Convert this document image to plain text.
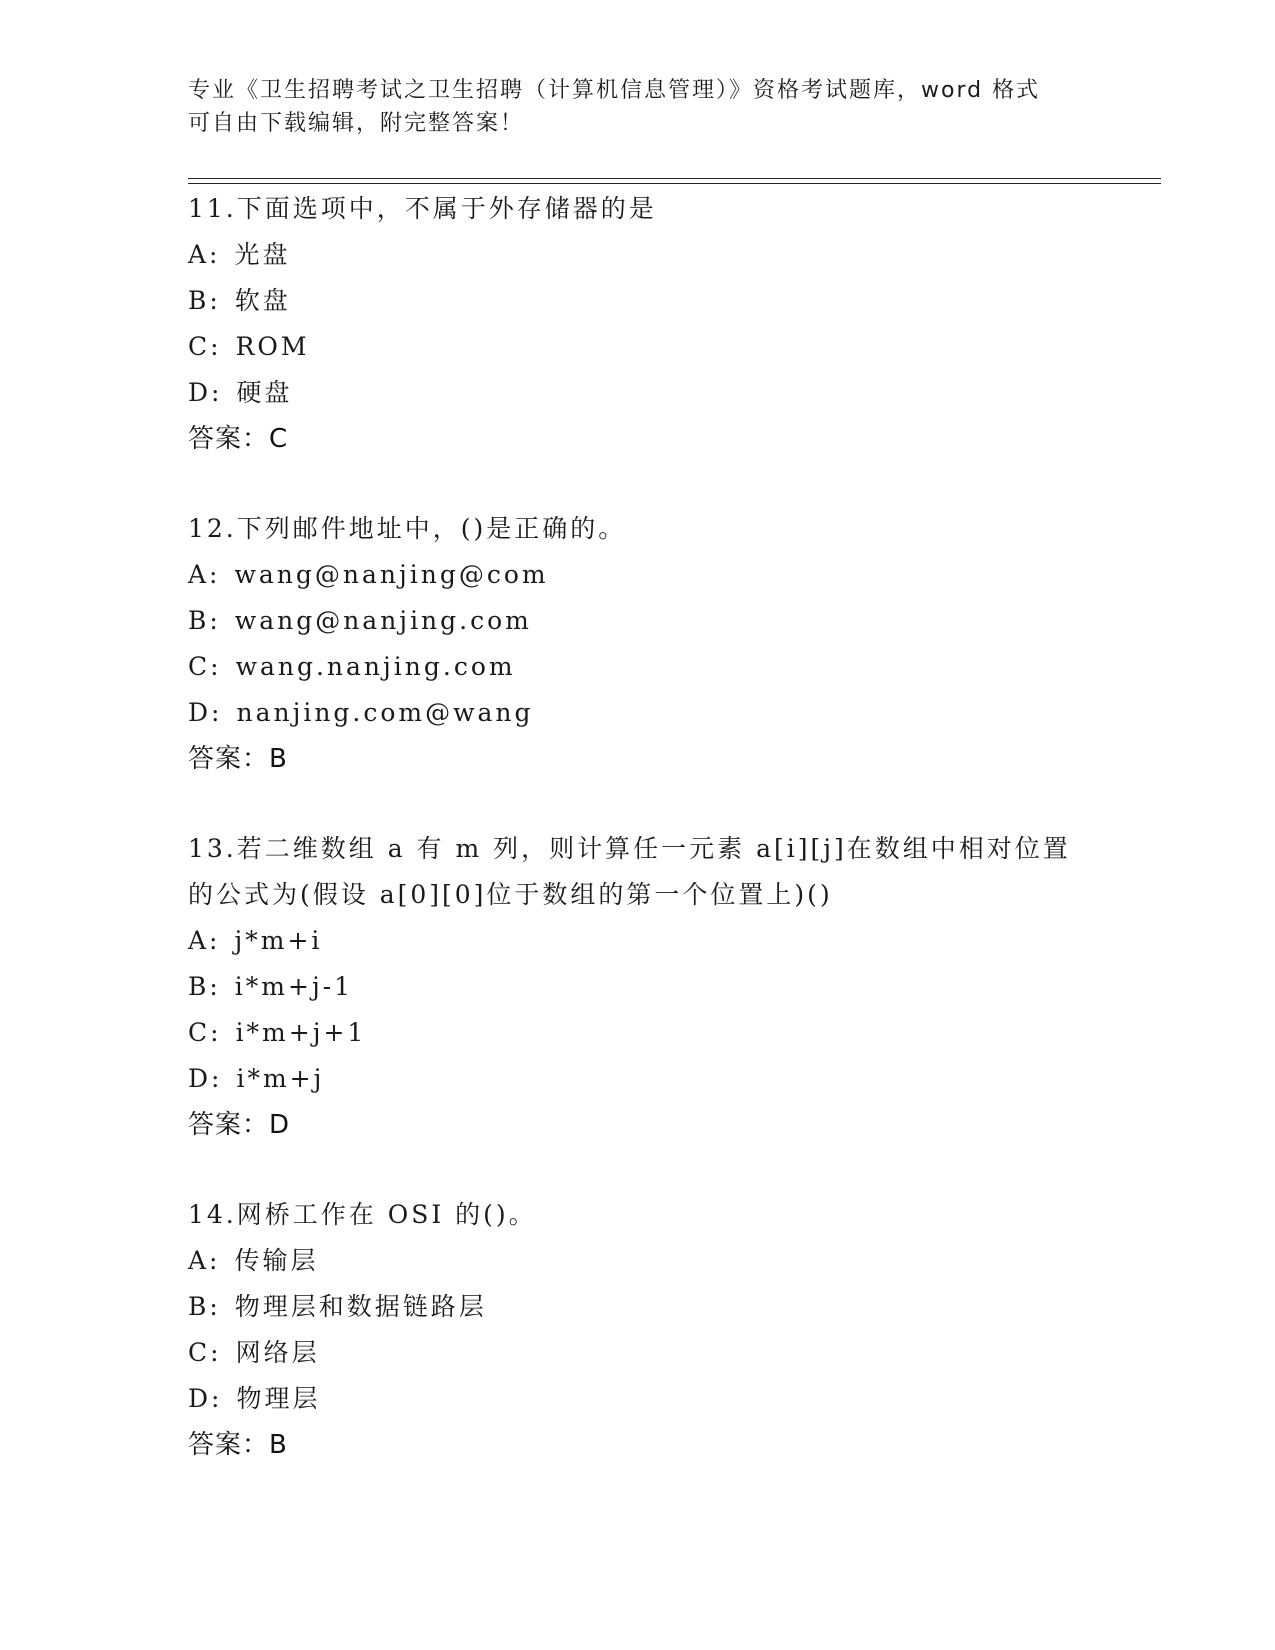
专业《卫生招聘考试之卫生招聘（计算机信息管理）》资格考试题库，word 格式
可自由下载编辑，附完整答案！
11.下面选项中，不属于外存储器的是
A: 光盘
B: 软盘
C: ROM
D: 硬盘
答案：C
12.下列邮件地址中，()是正确的。
A: wang@nanjing@com
B: wang@nanjing.com
C: wang.nanjing.com
D: nanjing.com@wang
答案：B
13.若二维数组 a 有 m 列，则计算任一元素 a[i][j]在数组中相对位置
的公式为(假设 a[0][0]位于数组的第一个位置上)()
A: j*m+i
B: i*m+j-1
C: i*m+j+1
D: i*m+j
答案：D
14.网桥工作在 OSI 的()。
A: 传输层
B: 物理层和数据链路层
C: 网络层
D: 物理层
答案：B
